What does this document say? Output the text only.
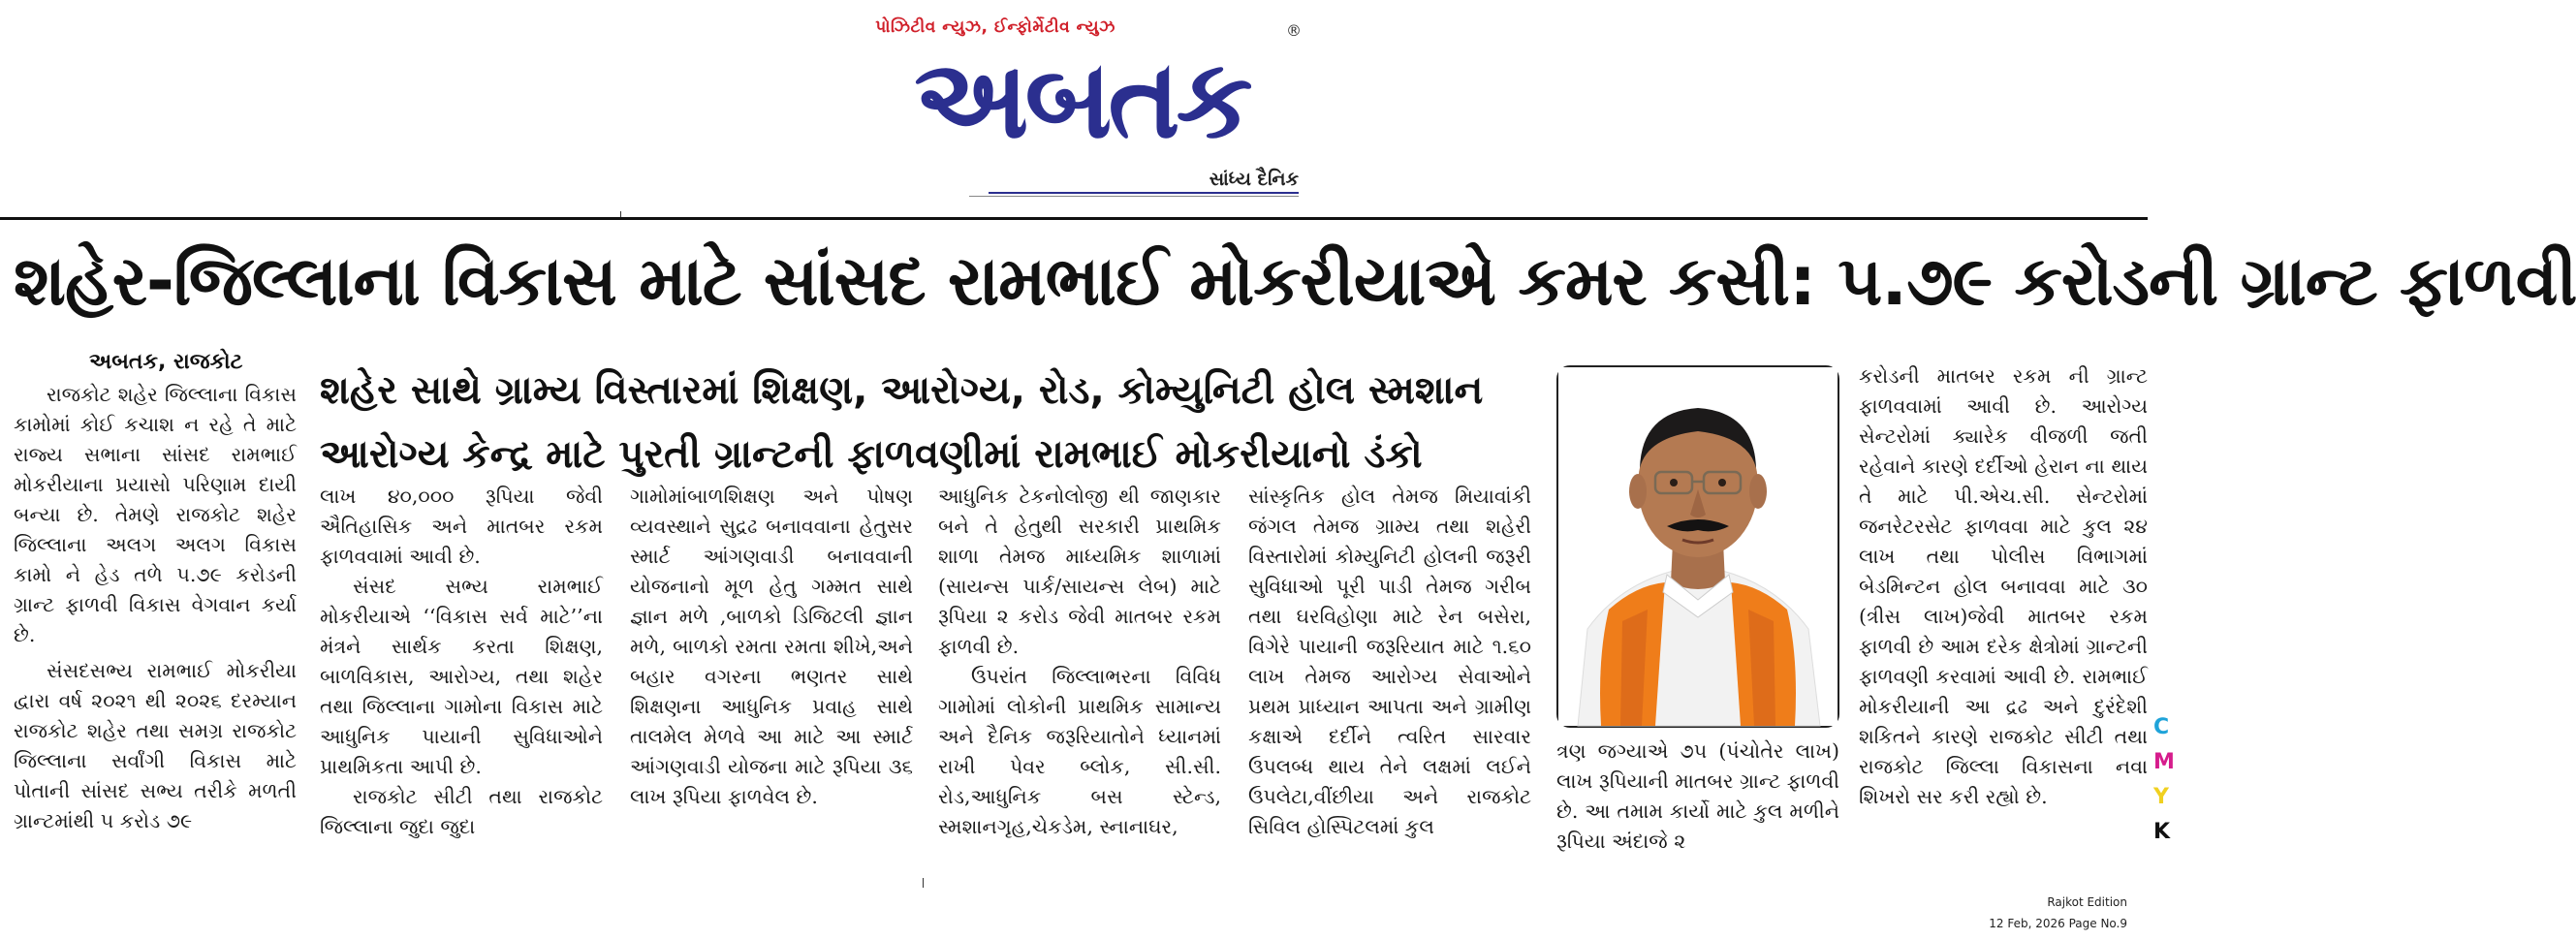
પોઝિટીવ ન્યુઝ, ઈન્ફોર્મેટીવ ન્યુઝ
અબતક
®
સાંધ્ય દૈનિક
શહેર-જિલ્લાના વિકાસ માટે સાંસદ રામભાઈ મોકરીયાએ કમર કસી: ૫.૭૯ કરોડની ગ્રાન્ટ ફાળવી
અબતક, રાજકોટ
શહેર સાથે ગ્રામ્ય વિસ્તારમાં શિક્ષણ, આરોગ્ય, રોડ, કોમ્યુનિટી હોલ સ્મશાન
આરોગ્ય કેન્દ્ર માટે પુરતી ગ્રાન્ટની ફાળવણીમાં રામભાઈ મોકરીયાનો ડંકો

રાજકોટ શહેર જિલ્લાના વિકાસ કામોમાં કોઈ કચાશ ન રહે તે માટે રાજ્ય સભાના સાંસદ રામભાઈ મોકરીયાના પ્રયાસો પરિણામ દાયી બન્યા છે. તેમણે રાજકોટ શહેર જિલ્લાના અલગ અલગ વિકાસ કામો ને હેડ તળે ૫.૭૯ કરોડની ગ્રાન્ટ ફાળવી વિકાસ વેગવાન કર્યા છે.

સંસદસભ્ય રામભાઈ મોકરીયા દ્વારા વર્ષ ૨૦૨૧ થી ૨૦૨૬ દરમ્યાન રાજકોટ શહેર તથા સમગ્ર રાજકોટ જિલ્લાના સર્વાંગી વિકાસ માટે પોતાની સાંસદ સભ્ય તરીકે મળતી ગ્રાન્ટમાંથી ૫ કરોડ ૭૯

લાખ ૪૦,૦૦૦ રૂપિયા જેવી ઐતિહાસિક અને માતબર રકમ ફાળવવામાં આવી છે.

સંસદ સભ્ય રામભાઈ મોકરીયાએ ‘‘વિકાસ સર્વ માટે’’ના મંત્રને સાર્થક કરતા શિક્ષણ, બાળવિકાસ, આરોગ્ય, તથા શહેર તથા જિલ્લાના ગામોના વિકાસ માટે આધુનિક પાયાની સુવિધાઓને પ્રાથમિકતા આપી છે.

રાજકોટ સીટી તથા રાજકોટ જિલ્લાના જુદા જુદા

ગામોમાંબાળશિક્ષણ અને પોષણ વ્યવસ્થાને સુદ્રઢ બનાવવાના હેતુસર સ્માર્ટ આંગણવાડી બનાવવાની યોજનાનો મૂળ હેતુ ગમ્મત સાથે જ્ઞાન મળે ,બાળકો ડિજિટલી જ્ઞાન મળે, બાળકો રમતા રમતા શીખે,અને બહાર વગરના ભણતર સાથે શિક્ષણના આધુનિક પ્રવાહ સાથે તાલમેલ મેળવે આ માટે આ સ્માર્ટ આંગણવાડી યોજના માટે રૂપિયા ૩૬ લાખ રૂપિયા ફાળવેલ છે.

આધુનિક ટેકનોલોજી થી જાણકાર બને તે હેતુથી સરકારી પ્રાથમિક શાળા તેમજ માધ્યમિક શાળામાં (સાયન્સ પાર્ક/સાયન્સ લેબ) માટે રૂપિયા ૨ કરોડ જેવી માતબર રકમ ફાળવી છે.

ઉપરાંત જિલ્લાભરના વિવિધ ગામોમાં લોકોની પ્રાથમિક સામાન્ય અને દૈનિક જરૂરિયાતોને ધ્યાનમાં રાખી પેવર બ્લોક, સી.સી. રોડ,આધુનિક બસ સ્ટેન્ડ, સ્મશાનગૃહ,ચેકડેમ, સ્નાનાઘર,

સાંસ્કૃતિક હોલ તેમજ મિયાવાંકી જંગલ તેમજ ગ્રામ્ય તથા શહેરી વિસ્તારોમાં કોમ્યુનિટી હોલની જરૂરી સુવિધાઓ પૂરી પાડી તેમજ ગરીબ તથા ઘરવિહોણા માટે રેન બસેરા, વિગેરે પાયાની જરૂરિયાત માટે ૧.૬૦ લાખ તેમજ આરોગ્ય સેવાઓને પ્રથમ પ્રાધ્યાન આપતા અને ગ્રામીણ કક્ષાએ દર્દીને ત્વરિત સારવાર ઉપલબ્ધ થાય તેને લક્ષમાં લઈને ઉપલેટા,વીંછીયા અને રાજકોટ સિવિલ હોસ્પિટલમાં કુલ

ત્રણ જગ્યાએ ૭૫ (પંચોતેર લાખ) લાખ રૂપિયાની માતબર ગ્રાન્ટ ફાળવી છે. આ તમામ કાર્યો માટે કુલ મળીને રૂપિયા અંદાજે ૨

કરોડની માતબર રકમ ની ગ્રાન્ટ ફાળવવામાં આવી છે. આરોગ્ય સેન્ટરોમાં ક્યારેક વીજળી જતી રહેવાને કારણે દર્દીઓ હેરાન ના થાય તે માટે પી.એચ.સી. સેન્ટરોમાં જનરેટરસેટ ફાળવવા માટે કુલ ૨૪ લાખ તથા પોલીસ વિભાગમાં બેડમિન્ટન હોલ બનાવવા માટે ૩૦ (ત્રીસ લાખ)જેવી માતબર રકમ ફાળવી છે આમ દરેક ક્ષેત્રોમાં ગ્રાન્ટની ફાળવણી કરવામાં આવી છે. રામભાઈ મોકરીયાની આ દ્રઢ અને દુરંદેશી શકિતને કારણે રાજકોટ સીટી તથા રાજકોટ જિલ્લા વિકાસના નવા શિખરો સર કરી રહ્યો છે.

C
M
Y
K
Rajkot Edition
12 Feb, 2026 Page No.9
